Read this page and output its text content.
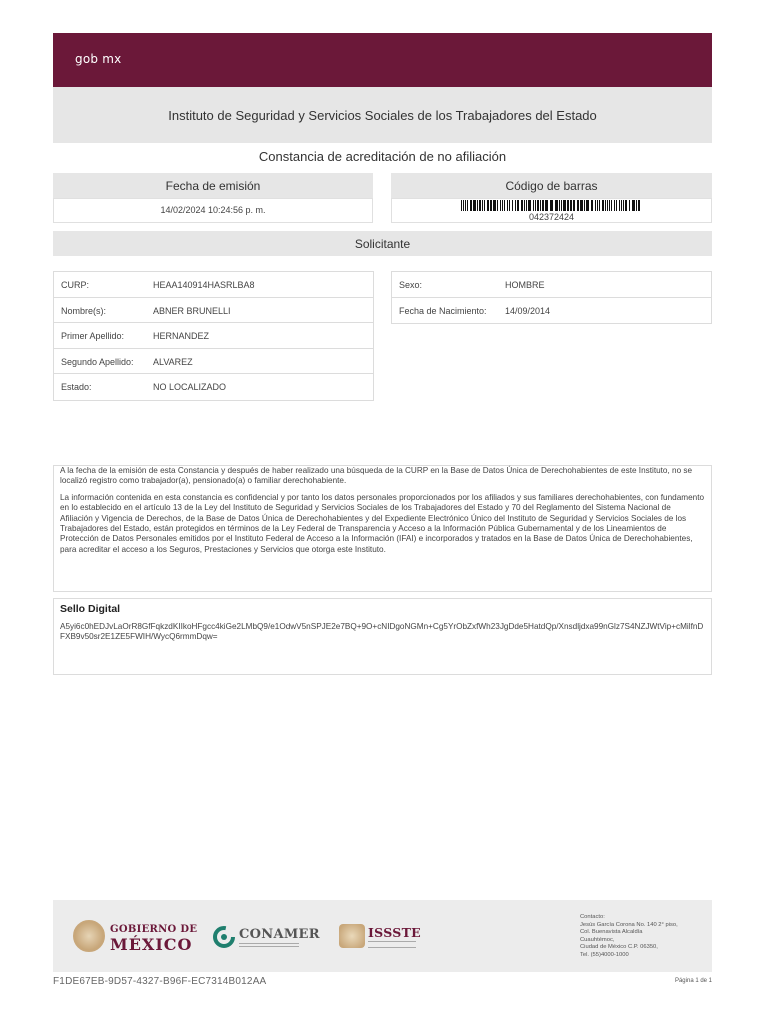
gob mx
Instituto de Seguridad y Servicios Sociales de los Trabajadores del Estado
Constancia de acreditación de no afiliación
Fecha de emisión
14/02/2024 10:24:56 p. m.
Código de barras
042372424
Solicitante
CURP:	HEAA140914HASRLBA8
Nombre(s):	ABNER BRUNELLI
Primer Apellido:	HERNANDEZ
Segundo Apellido: ALVAREZ
Estado:	NO LOCALIZADO
Sexo:	HOMBRE
Fecha de Nacimiento: 14/09/2014

A la fecha de la emisión de esta Constancia y después de haber realizado una búsqueda de la CURP en la Base de Datos Única de Derechohabientes de este Instituto, no se localizó registro como trabajador(a), pensionado(a) o familiar derechohabiente.

La información contenida en esta constancia es confidencial y por tanto los datos personales proporcionados por los afiliados y sus familiares derechohabientes, con fundamento en lo establecido en el artículo 13 de la Ley del Instituto de Seguridad y Servicios Sociales de los Trabajadores del Estado y 70 del Reglamento del Sistema Nacional de Afiliación y Vigencia de Derechos, de la Base de Datos Única de Derechohabientes y del Expediente Electrónico Único del Instituto de Seguridad y Servicios Sociales de los Trabajadores del Estado, están protegidos en términos de la Ley Federal de Transparencia y Acceso a la Información Pública Gubernamental y de los Lineamientos de Protección de Datos Personales emitidos por el Instituto Federal de Acceso a la Información (IFAI) e incorporados y tratados en la Base de Datos Única de Derechohabientes, para acreditar el acceso a los Seguros, Prestaciones y Servicios que otorga este Instituto.

Sello Digital
A5yi6c0hEDJvLaOrR8GfFqkzdKIIkoHFgcc4kiGe2LMbQ9/e1OdwV5nSPJE2e7BQ+9O+cNIDgoNGMn+Cg5YrObZxfWh23JgDde5HatdQp/Xnsdljdxa99nGlz7S4NZJWtVip+cMilfnDFXB9v50sr2E1ZE5FWIH/WycQ6rmmDqw=
GOBIERNO DE
MÉXICO
CONAMER	ISSSTE
Contacto:
Jesús García Corona No. 140 2° piso,
Col. Buenavista Alcaldía
Cuauhtémoc,
Ciudad de México C.P. 06350,
Tel. (55)4000-1000
F1DE67EB-9D57-4327-B96F-EC7314B012AA	Página 1 de 1
